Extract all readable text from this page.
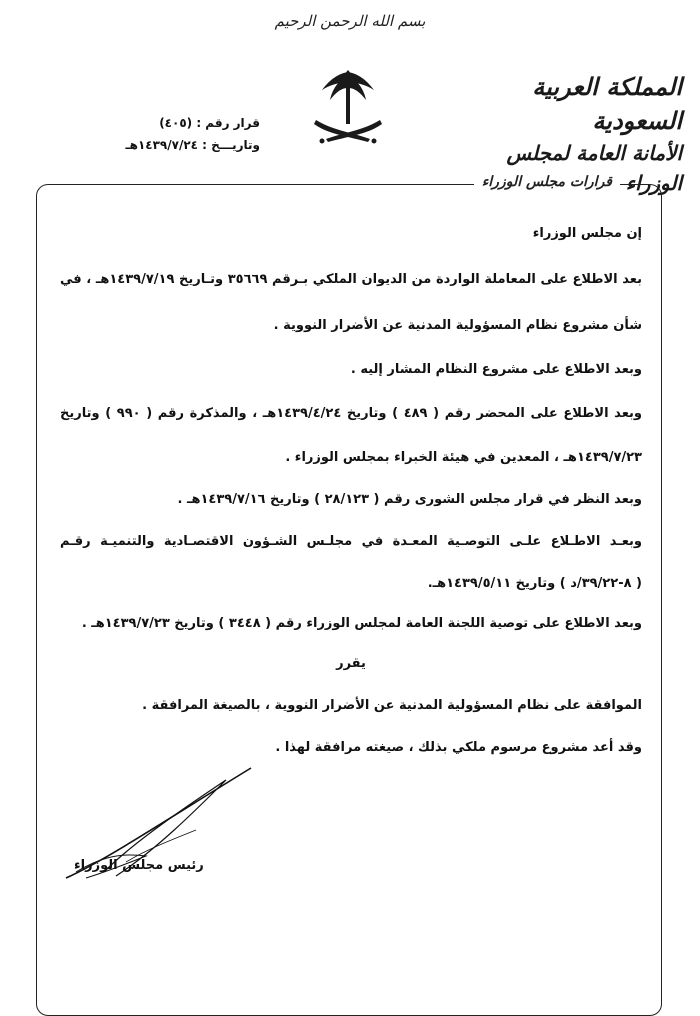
بسم الله الرحمن الرحيم
المملكة العربية السعودية
الأمانة العامة لمجلس الوزراء
قرار رقم : (٤٠٥)
وتاريـــخ : ١٤٣٩/٧/٢٤هـ
قرارات مجلس الوزراء

إن مجلس الوزراء

بعد الاطلاع على المعاملة الواردة من الديوان الملكي بـرقم ٣٥٦٦٩ وتـاريخ ١٤٣٩/٧/١٩هـ ، في

شأن مشروع نظام المسؤولية المدنية عن الأضرار النووية .

وبعد الاطلاع على مشروع النظام المشار إليه .

وبعد الاطلاع على المحضر رقم ( ٤٨٩ ) وتاريخ ١٤٣٩/٤/٢٤هـ ، والمذكرة رقم ( ٩٩٠ ) وتاريخ

١٤٣٩/٧/٢٣هـ ، المعدين في هيئة الخبراء بمجلس الوزراء .

وبعد النظر في قرار مجلس الشورى رقم ( ٢٨/١٢٣ ) وتاريخ ١٤٣٩/٧/١٦هـ .

وبعـد الاطـلاع علـى التوصـية المعـدة في مجلـس الشـؤون الاقتصـادية والتنميـة رقـم

( ٨-٣٩/٢٢/د ) وتاريخ ١٤٣٩/٥/١١هـ.

وبعد الاطلاع على توصية اللجنة العامة لمجلس الوزراء رقم ( ٣٤٤٨ ) وتاريخ ١٤٣٩/٧/٢٣هـ .

يقرر

الموافقة على نظام المسؤولية المدنية عن الأضرار النووية ، بالصيغة المرافقة .

وقد أعد مشروع مرسوم ملكي بذلك ، صيغته مرافقة لهذا .

رئيس مجلس الوزراء
